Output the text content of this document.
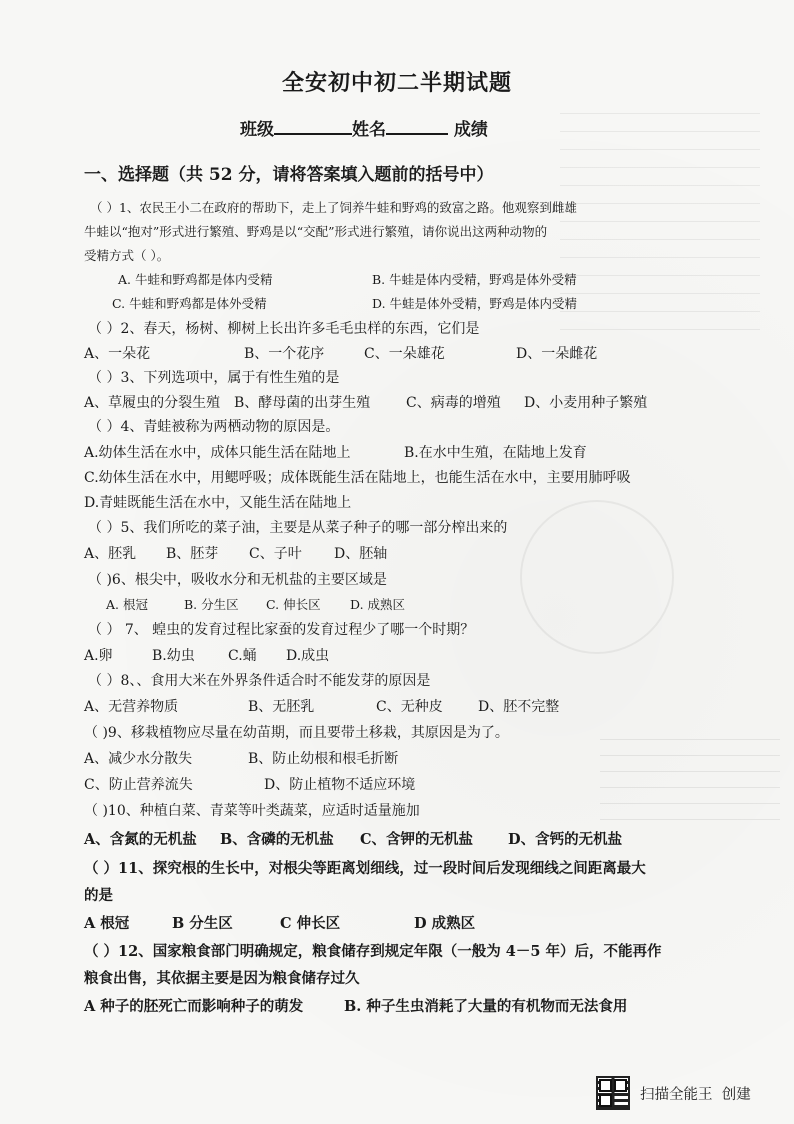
全安初中初二半期试题
班级	姓名	成绩
一、选择题（共 52 分，请将答案填入题前的括号中）
（ ）1、农民王小二在政府的帮助下，走上了饲养牛蛙和野鸡的致富之路。他观察到雌雄
牛蛙以“抱对”形式进行繁殖、野鸡是以“交配”形式进行繁殖，请你说出这两种动物的
受精方式（ ）。
A. 牛蛙和野鸡都是体内受精	B. 牛蛙是体内受精，野鸡是体外受精
C. 牛蛙和野鸡都是体外受精	D. 牛蛙是体外受精，野鸡是体内受精
（ ）2、春天，杨树、柳树上长出许多毛毛虫样的东西，它们是
A、一朵花	B、一个花序	C、一朵雄花	D、一朵雌花
（ ）3、下列选项中，属于有性生殖的是
A、草履虫的分裂生殖 B、酵母菌的出芽生殖	C、病毒的增殖 D、小麦用种子繁殖
（ ）4、青蛙被称为两栖动物的原因是。
A.幼体生活在水中，成体只能生活在陆地上	B.在水中生殖，在陆地上发育
C.幼体生活在水中，用鳃呼吸；成体既能生活在陆地上，也能生活在水中，主要用肺呼吸
D.青蛙既能生活在水中，又能生活在陆地上
（ ）5、我们所吃的菜子油，主要是从菜子种子的哪一部分榨出来的
A、胚乳 B、胚芽 C、子叶 D、胚轴
（ )6、根尖中，吸收水分和无机盐的主要区域是
A. 根冠	B. 分生区 C. 伸长区 D. 成熟区
（ ） 7、 蝗虫的发育过程比家蚕的发育过程少了哪一个时期？
A.卵	B.幼虫 C.蛹 D.成虫
（ ）8、、食用大米在外界条件适合时不能发芽的原因是
A、无营养物质	B、无胚乳	C、无种皮	D、胚不完整
（ )9、移栽植物应尽量在幼苗期，而且要带土移栽，其原因是为了。
A、减少水分散失	B、防止幼根和根毛折断
C、防止营养流失	D、防止植物不适应环境
（ )10、种植白菜、青菜等叶类蔬菜，应适时适量施加
A、含氮的无机盐 B、含磷的无机盐 C、含钾的无机盐 D、含钙的无机盐
（ ）11、探究根的生长中，对根尖等距离划细线，过一段时间后发现细线之间距离最大
的是
A 根冠	B 分生区	C 伸长区	D 成熟区
（ ）12、国家粮食部门明确规定，粮食储存到规定年限（一般为 4－5 年）后，不能再作
粮食出售，其依据主要是因为粮食储存过久
A 种子的胚死亡而影响种子的萌发	B. 种子生虫消耗了大量的有机物而无法食用
扫描全能王 创建
